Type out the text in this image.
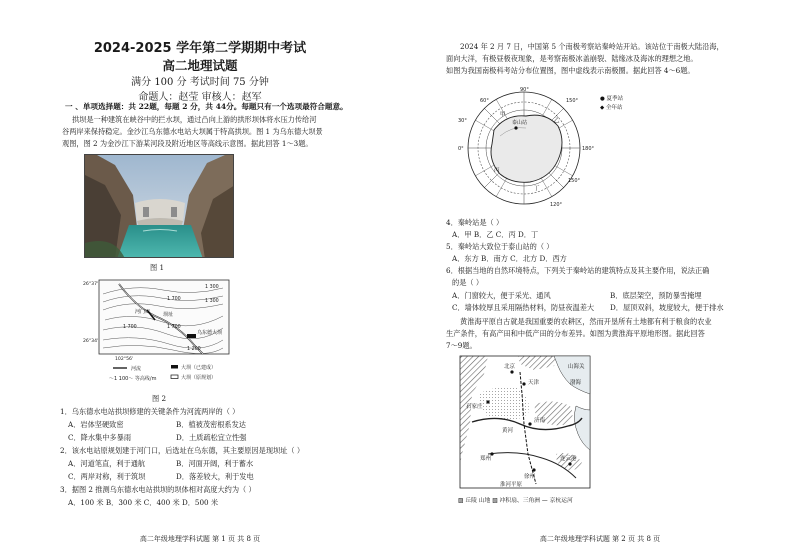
2024-2025 学年第二学期期中考试
高二地理试题
满分 100 分 考试时间 75 分钟
命题人：赵莹 审核人：赵军
一 、单项选择题：共 22题，每题 2 分，共 44分。每题只有一个选项最符合题意。
拱坝是一种建筑在峡谷中的拦水坝，通过凸向上游的拱形坝体将水压力传给河
谷两岸来保持稳定。金沙江乌东德水电站大坝属于特高拱坝。图 1 为乌东德大坝景
观图，图 2 为金沙江下游某河段及附近地区等高线示意图。据此回答 1～3题。
图 1
26°37'
26°34'
102°56'
1 300
1 700	1 300
1 700	1 700
1 200
河门口	坝址
乌东德大坝
河流
～1 100～ 等高线/m
大坝（已建成）
大坝（原规划）
图 2
1．乌东德水电站拱坝修建的关键条件为河流两岸的（ ）
A．岩体坚硬致密	B．植被茂密根系发达
C．降水集中多暴雨	D．土质疏松宜立性强
2．该水电站原规划建于河门口，后选址在乌东德，其主要原因是现坝址（ ）
A．河道笔直，利于通航	B．河面开阔，利于蓄水
C．两岸对称，利于筑坝	D．落差较大，利于发电
3．据图 2 推测乌东德水电站拱坝的坝体相对高度大约为（ ）
A．100 米 B．300 米 C．400 米 D．500 米
高二年级地理学科试题 第 1 页 共 8 页
2024 年 2 月 7 日，中国第 5 个南极考察站秦岭站开站。该站位于南极大陆沿海，
面向大洋，有极昼极夜现象，是考察南极冰盖崩裂、陆缘冰及海冰的理想之地。
如图为我国南极科考站分布位置图，图中虚线表示南极圈。据此回答 4～6题。
90°
60°
30°
0°
150°
180°
150°
120°
泰山站
甲
乙
丙
丁
● 夏季站
◆ 全年站
4．秦岭站是（ ）
A．甲 B．乙 C．丙 D．丁
5．秦岭站大致位于泰山站的（ ）
A．东方 B．南方 C．北方 D．西方
6．根据当地的自然环境特点，下列关于秦岭站的建筑特点及其主要作用，说法正确
的是（ ）
A．门窗较大，便于采光、通风	B．底层架空，预防暴雪掩埋
C．墙体较厚且采用隔热材料，防昼夜温差大 D．屋顶双斜，坡度较大，便于排水
黄淮海平原自古就是我国重要的农耕区，然而开垦所有土地都有利于粮食的农业
生产条件，有高产田和中低产田的分布差异。如图为黄淮海平原地形图。据此回答
7～9题。
山海关
北京
天津
石家庄
郑州
济南
徐州
连云港
淮河平原
黄河
渤海
▨ 丘陵 山地 ▧ 冲积扇、三角洲 — 京杭运河
高二年级地理学科试题 第 2 页 共 8 页
